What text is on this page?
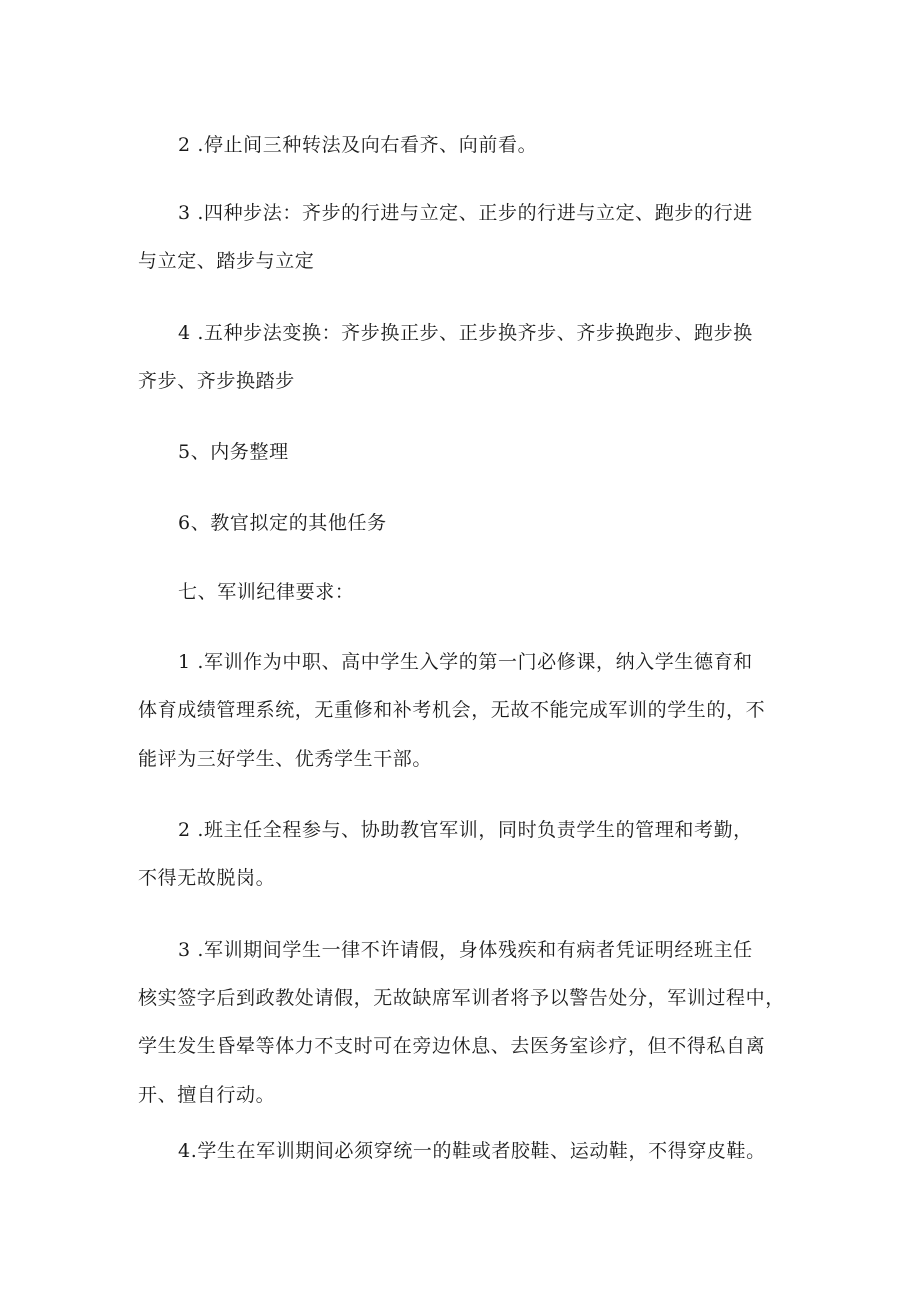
2 .停止间三种转法及向右看齐、向前看。
3 .四种步法：齐步的行进与立定、正步的行进与立定、跑步的行进
与立定、踏步与立定
4 .五种步法变换：齐步换正步、正步换齐步、齐步换跑步、跑步换
齐步、齐步换踏步
5、内务整理
6、教官拟定的其他任务
七、军训纪律要求：
1 .军训作为中职、高中学生入学的第一门必修课，纳入学生德育和
体育成绩管理系统，无重修和补考机会，无故不能完成军训的学生的，不
能评为三好学生、优秀学生干部。
2 .班主任全程参与、协助教官军训，同时负责学生的管理和考勤，
不得无故脱岗。
3 .军训期间学生一律不许请假，身体残疾和有病者凭证明经班主任
核实签字后到政教处请假，无故缺席军训者将予以警告处分，军训过程中，
学生发生昏晕等体力不支时可在旁边休息、去医务室诊疗，但不得私自离
开、擅自行动。
4.学生在军训期间必须穿统一的鞋或者胶鞋、运动鞋，不得穿皮鞋。
